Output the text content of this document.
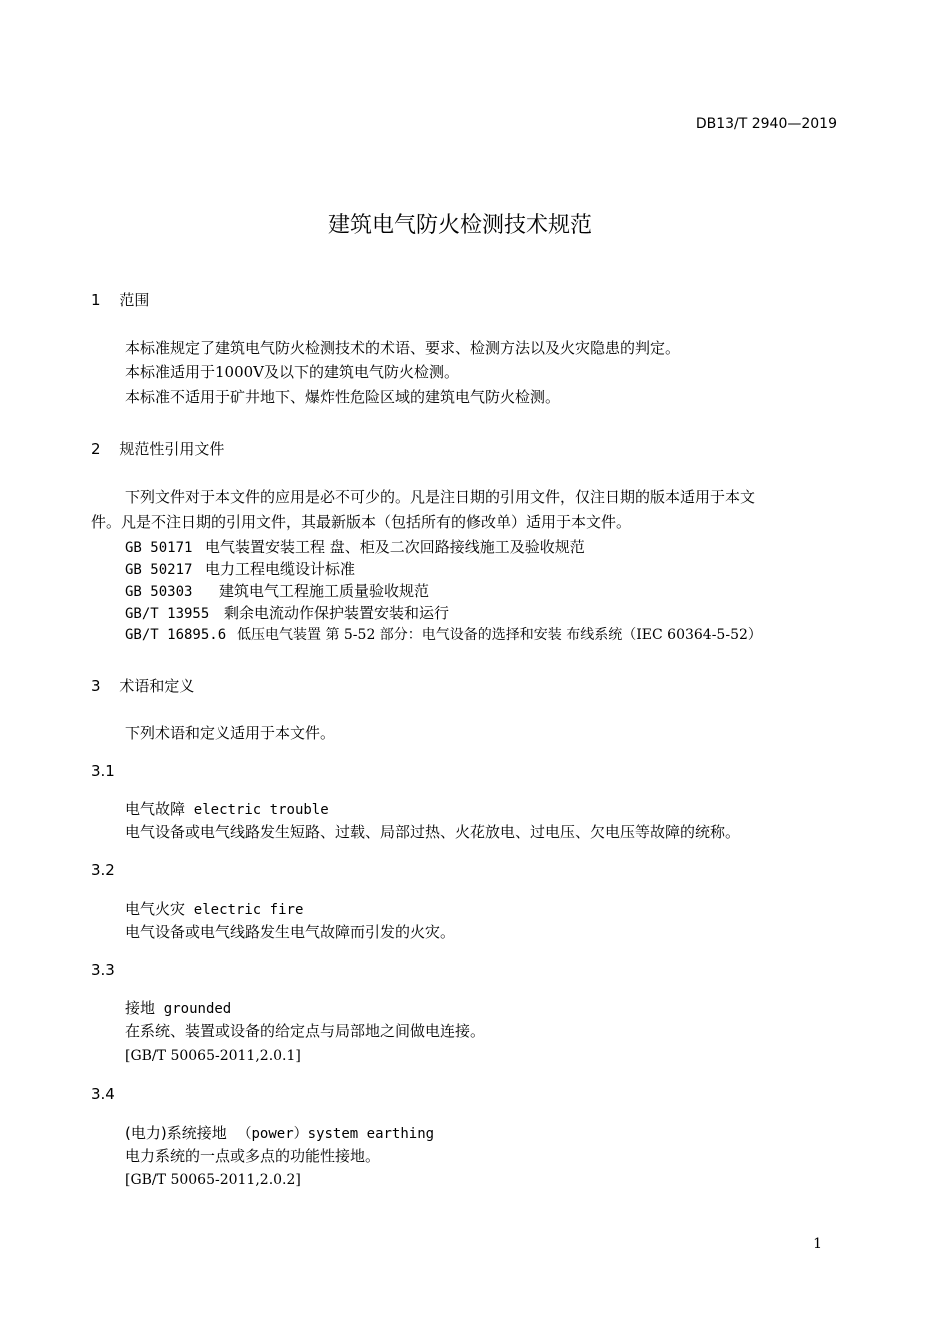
DB13/T 2940—2019
建筑电气防火检测技术规范
1 范围
本标准规定了建筑电气防火检测技术的术语、要求、检测方法以及火灾隐患的判定。
本标准适用于1000V及以下的建筑电气防火检测。
本标准不适用于矿井地下、爆炸性危险区域的建筑电气防火检测。
2 规范性引用文件
下列文件对于本文件的应用是必不可少的。凡是注日期的引用文件，仅注日期的版本适用于本文
件。凡是不注日期的引用文件，其最新版本（包括所有的修改单）适用于本文件。
GB 50171 电气装置安装工程 盘、柜及二次回路接线施工及验收规范
GB 50217 电力工程电缆设计标准
GB 50303 建筑电气工程施工质量验收规范
GB/T 13955 剩余电流动作保护装置安装和运行
GB/T 16895.6 低压电气装置 第 5-52 部分：电气设备的选择和安装 布线系统（IEC 60364-5-52）
3 术语和定义
下列术语和定义适用于本文件。
3.1
电气故障 electric trouble
电气设备或电气线路发生短路、过载、局部过热、火花放电、过电压、欠电压等故障的统称。
3.2
电气火灾 electric fire
电气设备或电气线路发生电气故障而引发的火灾。
3.3
接地 grounded
在系统、装置或设备的给定点与局部地之间做电连接。
[GB/T 50065-2011,2.0.1]
3.4
(电力)系统接地 （power）system earthing
电力系统的一点或多点的功能性接地。
[GB/T 50065-2011,2.0.2]
1
